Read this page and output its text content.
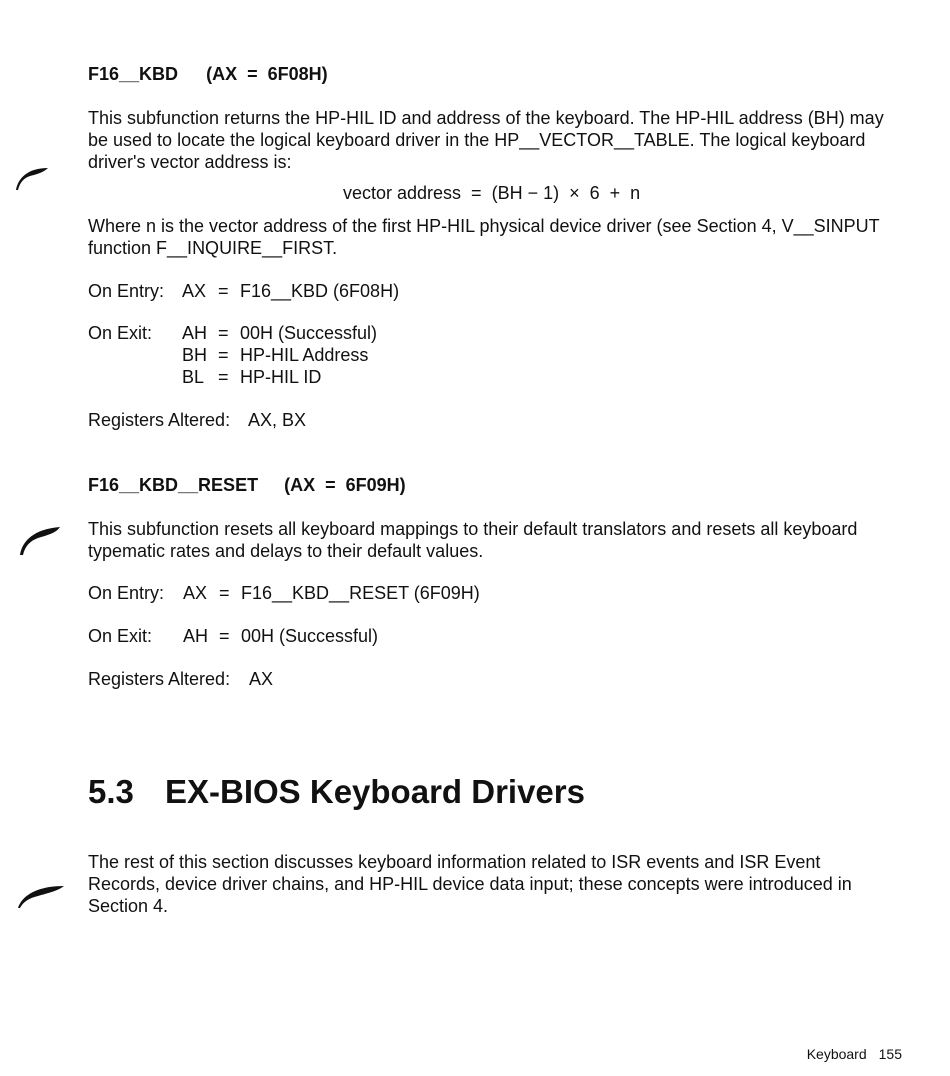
F16__KBD (AX  =  6F08H)
This subfunction returns the HP-HIL ID and address of the keyboard. The HP-HIL address (BH) may
be used to locate the logical keyboard driver in the HP__VECTOR__TABLE. The logical keyboard
driver's vector address is:
vector address  =  (BH − 1)  ×  6  +  n
Where n is the vector address of the first HP-HIL physical device driver (see Section 4, V__SINPUT
function F__INQUIRE__FIRST.
On Entry: AX = F16__KBD (6F08H)
On Exit: AH = 00H (Successful)
BH = HP-HIL Address
BL = HP-HIL ID
Registers Altered: AX, BX
F16__KBD__RESET (AX  =  6F09H)
This subfunction resets all keyboard mappings to their default translators and resets all keyboard
typematic rates and delays to their default values.
On Entry: AX = F16__KBD__RESET (6F09H)
On Exit: AH = 00H (Successful)
Registers Altered: AX
5.3 EX-BIOS Keyboard Drivers
The rest of this section discusses keyboard information related to ISR events and ISR Event
Records, device driver chains, and HP-HIL device data input; these concepts were introduced in
Section 4.
Keyboard 155
